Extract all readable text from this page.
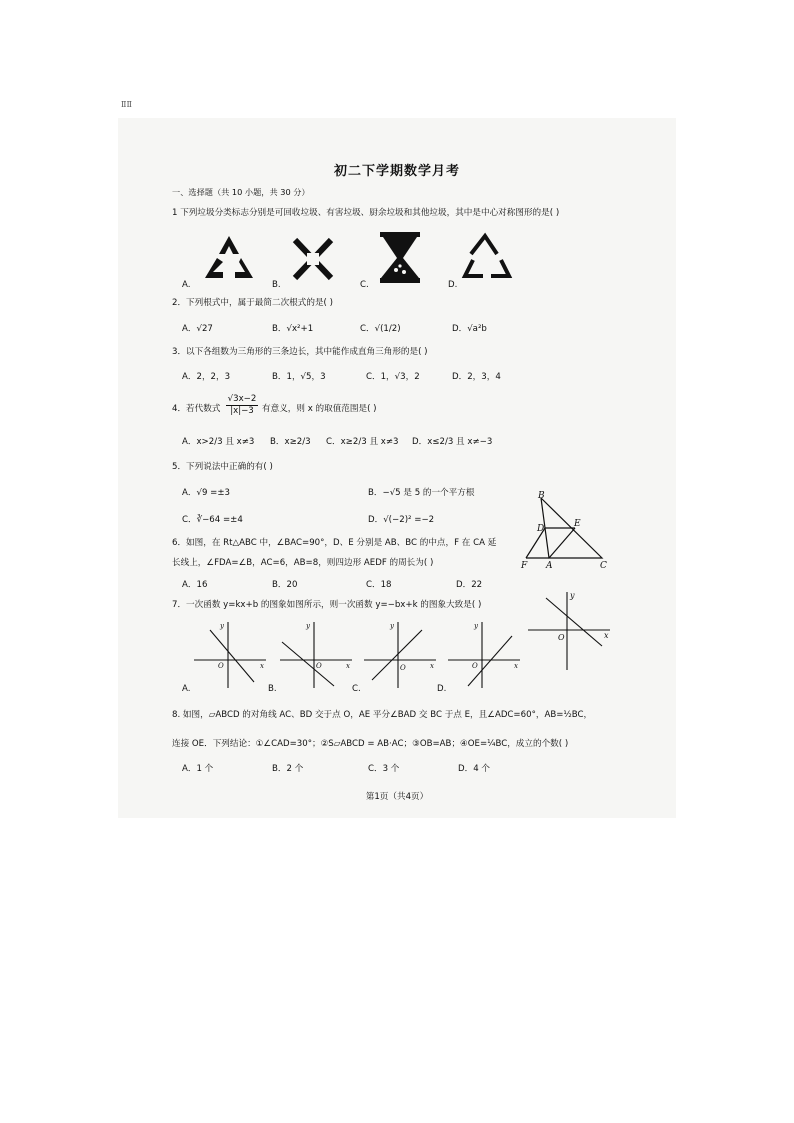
ⅡⅡ
初二下学期数学月考
一、选择题（共 10 小题，共 30 分）
1 下列垃圾分类标志分别是可回收垃圾、有害垃圾、厨余垃圾和其他垃圾，其中是中心对称图形的是( )
A.	B.	C.	D.
2．下列根式中，属于最简二次根式的是( )
A．√27	B．√x²+1	C．√(1/2)	D．√a²b
3．以下各组数为三角形的三条边长，其中能作成直角三角形的是( )
A．2，2，3	B．1，√5，3	C．1，√3，2	D．2，3，4
4．若代数式 $\frac{√3x-2}{|x|-3}$ 有意义，则 x 的取值范围是( )
A．x>2/3 且 x≠3 B．x≥2/3 C．x≥2/3 且 x≠3 D．x≤2/3 且 x≠−3
5．下列说法中正确的有( )
A．√9 =±3	B．−√5 是 5 的一个平方根
C．∛−64 =±4	D．√(−2)² =−2
B
D	E
F A	C
6．如图，在 Rt△ABC 中，∠BAC=90°，D、E 分别是 AB、BC 的中点，F 在 CA 延
长线上，∠FDA=∠B，AC=6，AB=8，则四边形 AEDF 的周长为( )
A．16	B．20	C．18	D．22
7．一次函数 y=kx+b 的图象如图所示，则一次函数 y=−bx+k 的图象大致是( )
y
x
O
y
x
O
y
x
O
y
x
O
y
x
O
A.	B.	C.	D.
8. 如图，▱ABCD 的对角线 AC、BD 交于点 O，AE 平分∠BAD 交 BC 于点 E，且∠ADC=60°，AB=½BC，
连接 OE．下列结论：①∠CAD=30°；②S▱ABCD = AB·AC；③OB=AB；④OE=¼BC，成立的个数( )
A．1 个	B．2 个	C．3 个	D．4 个
第1页（共4页）
